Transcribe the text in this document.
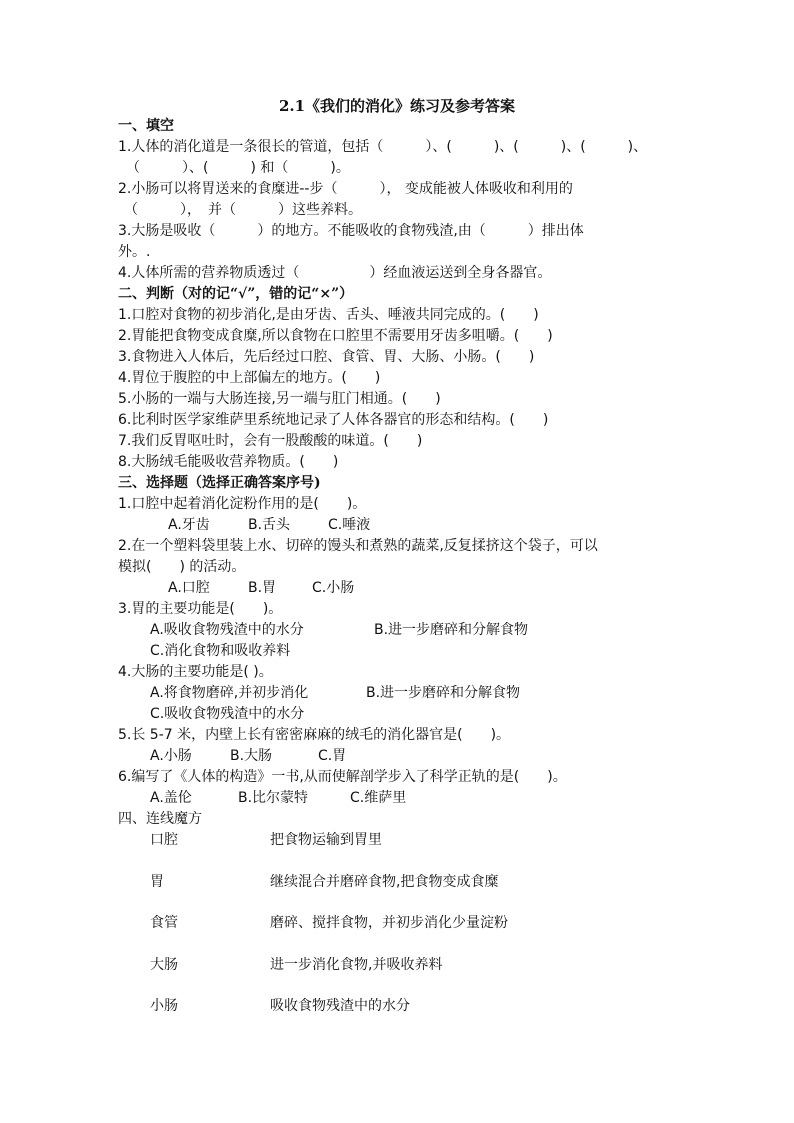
2.1《我们的消化》练习及参考答案
一、填空
1.人体的消化道是一条很长的管道，包括（　　　）、(　　　)、(　　　)、(　　　)、
（　　　）、(　　　) 和（　　　)。
2.小肠可以将胃送来的食糜进--步（　　　）， 变成能被人体吸收和利用的
（　　　），　并（　　　）这些养料。
3.大肠是吸收（　　　）的地方。不能吸收的食物残渣,由（　　　）排出体
外。.
4.人体所需的营养物质透过（　　　　　）经血液运送到全身各器官。
二、判断（对的记“√”，错的记“×”）
1.口腔对食物的初步消化,是由牙齿、舌头、唾液共同完成的。(　　)
2.胃能把食物变成食糜,所以食物在口腔里不需要用牙齿多咀嚼。(　　)
3.食物进入人体后，先后经过口腔、食管、胃、大肠、小肠。(　　)
4.胃位于腹腔的中上部偏左的地方。(　　)
5.小肠的一端与大肠连接,另一端与肛门相通。(　　)
6.比利时医学家维萨里系统地记录了人体各器官的形态和结构。(　　)
7.我们反胃呕吐时，会有一股酸酸的味道。(　　)
8.大肠绒毛能吸收营养物质。(　　)
三、选择题（选择正确答案序号)
1.口腔中起着消化淀粉作用的是(　　)。
A.牙齿	B.舌头	C.唾液
2.在一个塑料袋里装上水、切碎的馒头和煮熟的蔬菜,反复揉挤这个袋子，可以
模拟(　　) 的活动。
A.口腔	B.胃	C.小肠
3.胃的主要功能是(　　)。
A.吸收食物残渣中的水分	B.进一步磨碎和分解食物
C.消化食物和吸收养料
4.大肠的主要功能是( )。
A.将食物磨碎,并初步消化	B.进一步磨碎和分解食物
C.吸收食物残渣中的水分
5.长 5-7 米，内壁上长有密密麻麻的绒毛的消化器官是(　　)。
A.小肠	B.大肠	C.胃
6.编写了《人体的构造》一书,从而使解剖学步入了科学正轨的是(　　)。
A.盖伦	B.比尔蒙特	C.维萨里
四、连线魔方
口腔	把食物运输到胃里
胃	继续混合并磨碎食物,把食物变成食糜
食管	磨碎、搅拌食物，并初步消化少量淀粉
大肠	进一步消化食物,并吸收养料
小肠	吸收食物残渣中的水分
